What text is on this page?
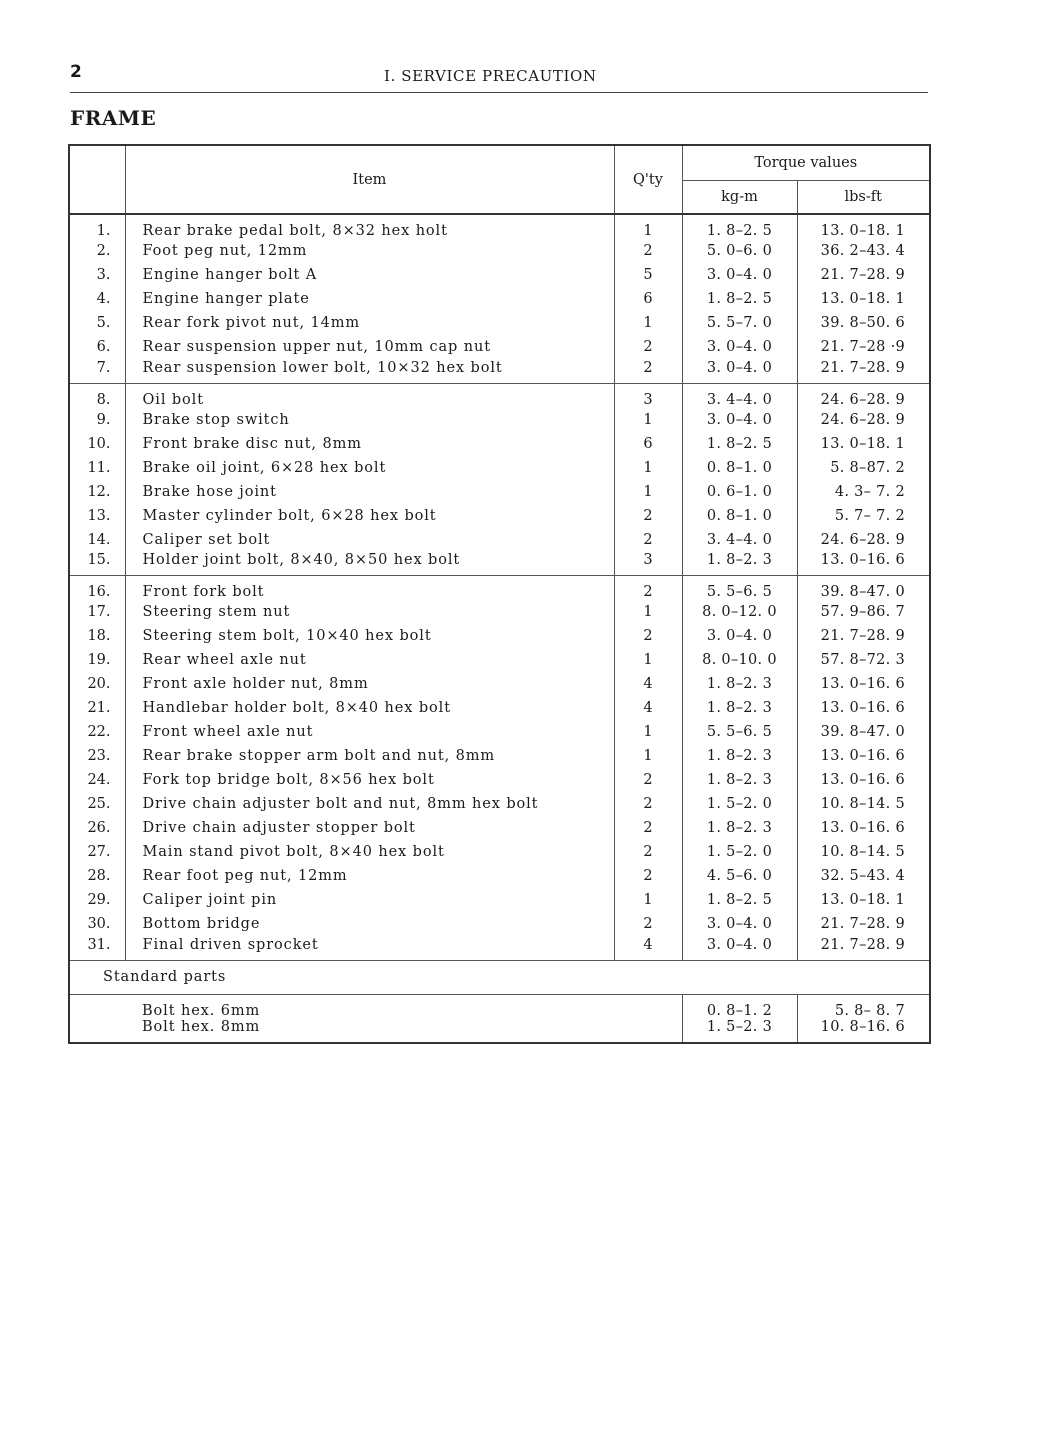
2	I. SERVICE PRECAUTION
FRAME
	Item	Q'ty	Torque values	
			kg-m	lbs-ft
1.	Rear brake pedal bolt, 8×32 hex holt	1	1. 8–2. 5	13. 0–18. 1
2.	Foot peg nut, 12mm	2	5. 0–6. 0	36. 2–43. 4
3.	Engine hanger bolt A	5	3. 0–4. 0	21. 7–28. 9
4.	Engine hanger plate	6	1. 8–2. 5	13. 0–18. 1
5.	Rear fork pivot nut, 14mm	1	5. 5–7. 0	39. 8–50. 6
6.	Rear suspension upper nut, 10mm cap nut	2	3. 0–4. 0	21. 7–28 ·9
7.	Rear suspension lower bolt, 10×32 hex bolt	2	3. 0–4. 0	21. 7–28. 9
8.	Oil bolt	3	3. 4–4. 0	24. 6–28. 9
9.	Brake stop switch	1	3. 0–4. 0	24. 6–28. 9
10.	Front brake disc nut, 8mm	6	1. 8–2. 5	13. 0–18. 1
11.	Brake oil joint, 6×28 hex bolt	1	0. 8–1. 0	5. 8–87. 2
12.	Brake hose joint	1	0. 6–1. 0	4. 3– 7. 2
13.	Master cylinder bolt, 6×28 hex bolt	2	0. 8–1. 0	5. 7– 7. 2
14.	Caliper set bolt	2	3. 4–4. 0	24. 6–28. 9
15.	Holder joint bolt, 8×40, 8×50 hex bolt	3	1. 8–2. 3	13. 0–16. 6
16.	Front fork bolt	2	5. 5–6. 5	39. 8–47. 0
17.	Steering stem nut	1	8. 0–12. 0	57. 9–86. 7
18.	Steering stem bolt, 10×40 hex bolt	2	3. 0–4. 0	21. 7–28. 9
19.	Rear wheel axle nut	1	8. 0–10. 0	57. 8–72. 3
20.	Front axle holder nut, 8mm	4	1. 8–2. 3	13. 0–16. 6
21.	Handlebar holder bolt, 8×40 hex bolt	4	1. 8–2. 3	13. 0–16. 6
22.	Front wheel axle nut	1	5. 5–6. 5	39. 8–47. 0
23.	Rear brake stopper arm bolt and nut, 8mm	1	1. 8–2. 3	13. 0–16. 6
24.	Fork top bridge bolt, 8×56 hex bolt	2	1. 8–2. 3	13. 0–16. 6
25.	Drive chain adjuster bolt and nut, 8mm hex bolt	2	1. 5–2. 0	10. 8–14. 5
26.	Drive chain adjuster stopper bolt	2	1. 8–2. 3	13. 0–16. 6
27.	Main stand pivot bolt, 8×40 hex bolt	2	1. 5–2. 0	10. 8–14. 5
28.	Rear foot peg nut, 12mm	2	4. 5–6. 0	32. 5–43. 4
29.	Caliper joint pin	1	1. 8–2. 5	13. 0–18. 1
30.	Bottom bridge	2	3. 0–4. 0	21. 7–28. 9
31.	Final driven sprocket	4	3. 0–4. 0	21. 7–28. 9
Standard parts				
	Bolt hex. 6mm		0. 8–1. 2	5. 8– 8. 7
	Bolt hex. 8mm		1. 5–2. 3	10. 8–16. 6
